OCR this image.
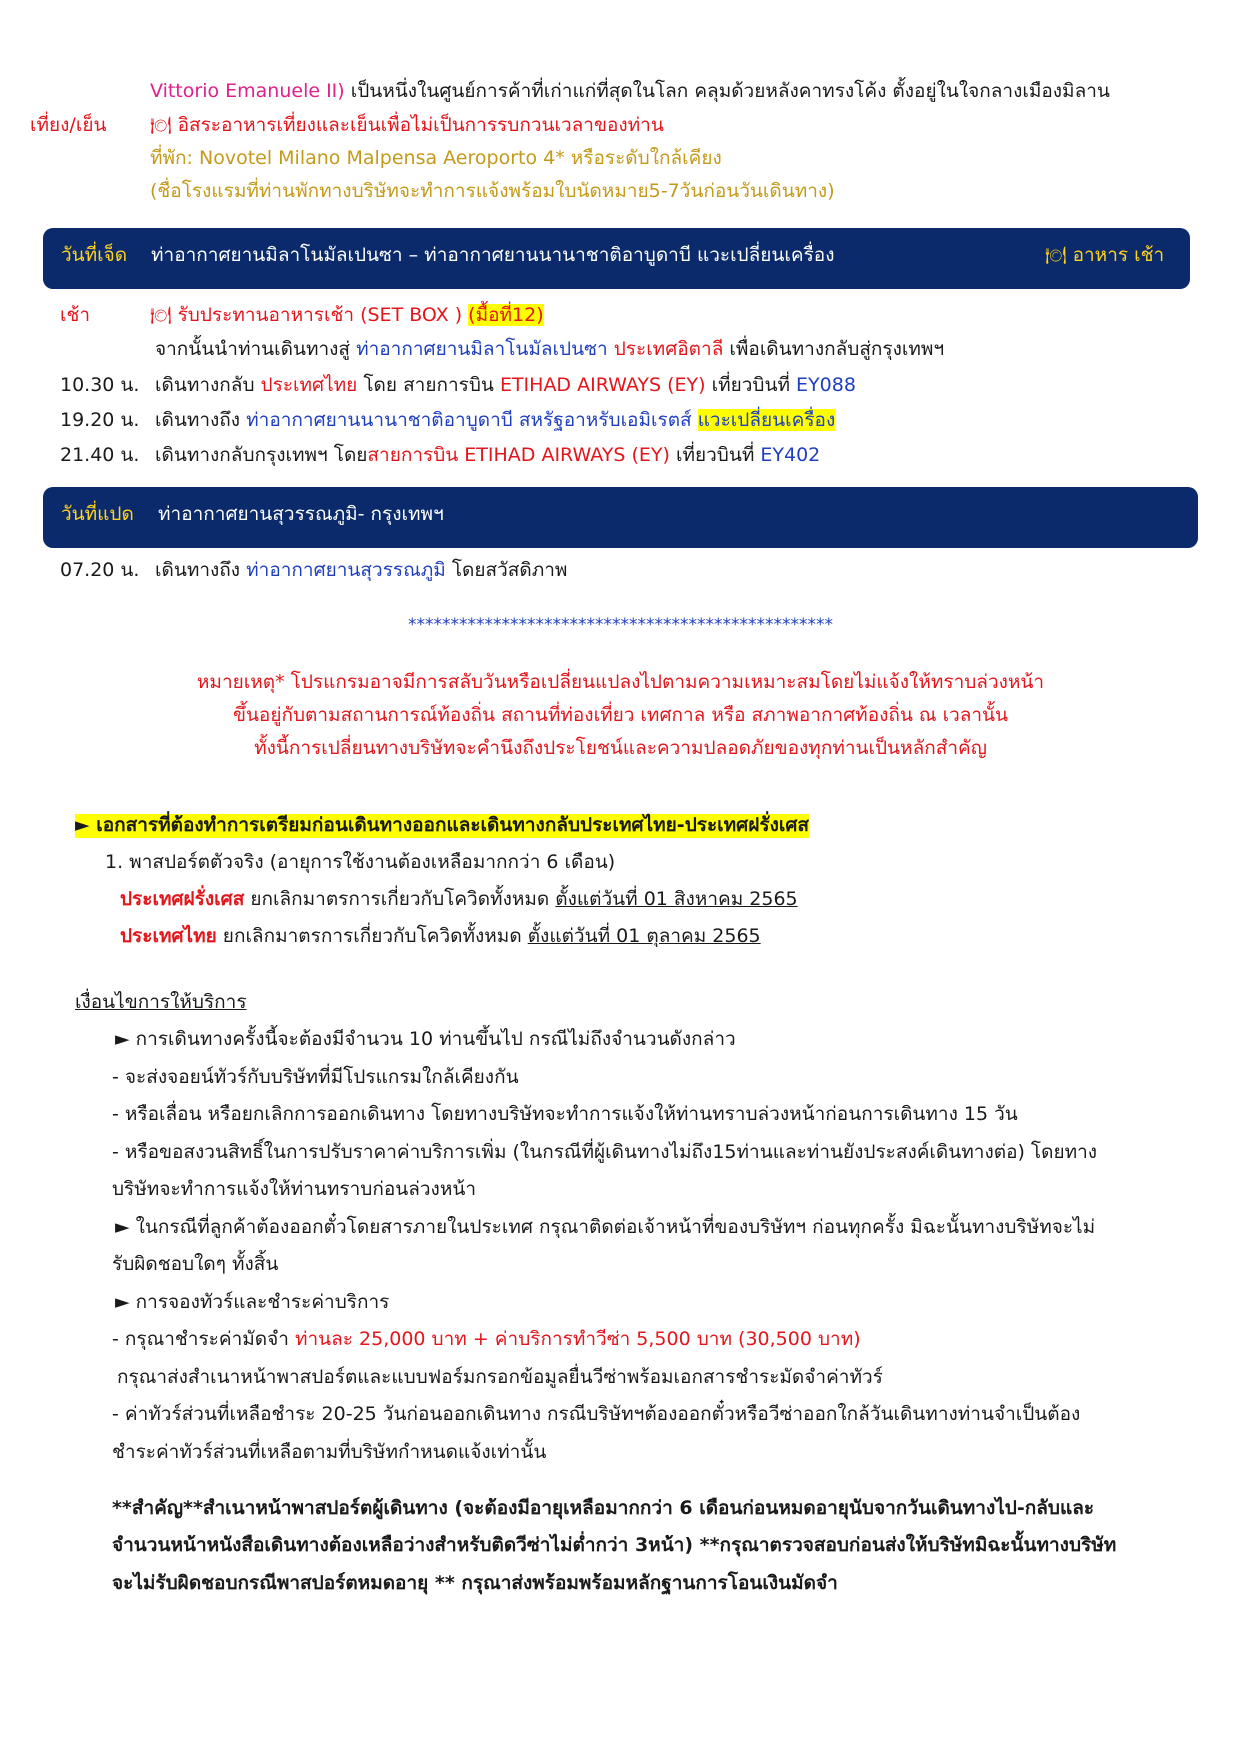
Vittorio Emanuele II) เป็นหนึ่งในศูนย์การค้าที่เก่าแก่ที่สุดในโลก คลุมด้วยหลังคาทรงโค้ง ตั้งอยู่ในใจกลางเมืองมิลาน
เที่ยง/เย็น	🍽 อิสระอาหารเที่ยงและเย็นเพื่อไม่เป็นการรบกวนเวลาของท่าน
ที่พัก: Novotel Milano Malpensa Aeroporto 4* หรือระดับใกล้เคียง
(ชื่อโรงแรมที่ท่านพักทางบริษัทจะทำการแจ้งพร้อมใบนัดหมาย5-7วันก่อนวันเดินทาง)
วันที่เจ็ด ท่าอากาศยานมิลาโนมัลเปนซา – ท่าอากาศยานนานาชาติอาบูดาบี แวะเปลี่ยนเครื่อง	🍽 อาหาร เช้า
เช้า	🍽 รับประทานอาหารเช้า (SET BOX ) (มื้อที่12)
จากนั้นนำท่านเดินทางสู่ ท่าอากาศยานมิลาโนมัลเปนซา ประเทศอิตาลี เพื่อเดินทางกลับสู่กรุงเทพฯ
10.30 น. เดินทางกลับ ประเทศไทย โดย สายการบิน ETIHAD AIRWAYS (EY) เที่ยวบินที่ EY088
19.20 น. เดินทางถึง ท่าอากาศยานนานาชาติอาบูดาบี สหรัฐอาหรับเอมิเรตส์ แวะเปลี่ยนเครื่อง
21.40 น. เดินทางกลับกรุงเทพฯ โดยสายการบิน ETIHAD AIRWAYS (EY) เที่ยวบินที่ EY402
วันที่แปด ท่าอากาศยานสุวรรณภูมิ- กรุงเทพฯ
07.20 น. เดินทางถึง ท่าอากาศยานสุวรรณภูมิ โดยสวัสดิภาพ
**************************************************
หมายเหตุ* โปรแกรมอาจมีการสลับวันหรือเปลี่ยนแปลงไปตามความเหมาะสมโดยไม่แจ้งให้ทราบล่วงหน้า
ขึ้นอยู่กับตามสถานการณ์ท้องถิ่น สถานที่ท่องเที่ยว เทศกาล หรือ สภาพอากาศท้องถิ่น ณ เวลานั้น
ทั้งนี้การเปลี่ยนทางบริษัทจะคำนึงถึงประโยชน์และความปลอดภัยของทุกท่านเป็นหลักสำคัญ
► เอกสารที่ต้องทำการเตรียมก่อนเดินทางออกและเดินทางกลับประเทศไทย-ประเทศฝรั่งเศส
1. พาสปอร์ตตัวจริง (อายุการใช้งานต้องเหลือมากกว่า 6 เดือน)
ประเทศฝรั่งเศส ยกเลิกมาตรการเกี่ยวกับโควิดทั้งหมด ตั้งแต่วันที่ 01 สิงหาคม 2565
ประเทศไทย ยกเลิกมาตรการเกี่ยวกับโควิดทั้งหมด ตั้งแต่วันที่ 01 ตุลาคม 2565
เงื่อนไขการให้บริการ
► การเดินทางครั้งนี้จะต้องมีจำนวน 10 ท่านขึ้นไป กรณีไม่ถึงจำนวนดังกล่าว
- จะส่งจอยน์ทัวร์กับบริษัทที่มีโปรแกรมใกล้เคียงกัน
- หรือเลื่อน หรือยกเลิกการออกเดินทาง โดยทางบริษัทจะทำการแจ้งให้ท่านทราบล่วงหน้าก่อนการเดินทาง 15 วัน
- หรือขอสงวนสิทธิ์ในการปรับราคาค่าบริการเพิ่ม (ในกรณีที่ผู้เดินทางไม่ถึง15ท่านและท่านยังประสงค์เดินทางต่อ) โดยทาง
บริษัทจะทำการแจ้งให้ท่านทราบก่อนล่วงหน้า
► ในกรณีที่ลูกค้าต้องออกตั๋วโดยสารภายในประเทศ กรุณาติดต่อเจ้าหน้าที่ของบริษัทฯ ก่อนทุกครั้ง มิฉะนั้นทางบริษัทจะไม่
รับผิดชอบใดๆ ทั้งสิ้น
► การจองทัวร์และชำระค่าบริการ
- กรุณาชำระค่ามัดจำ ท่านละ 25,000 บาท + ค่าบริการทำวีซ่า 5,500 บาท (30,500 บาท)
กรุณาส่งสำเนาหน้าพาสปอร์ตและแบบฟอร์มกรอกข้อมูลยื่นวีซ่าพร้อมเอกสารชำระมัดจำค่าทัวร์
- ค่าทัวร์ส่วนที่เหลือชำระ 20-25 วันก่อนออกเดินทาง กรณีบริษัทฯต้องออกตั๋วหรือวีซ่าออกใกล้วันเดินทางท่านจำเป็นต้อง
ชำระค่าทัวร์ส่วนที่เหลือตามที่บริษัทกำหนดแจ้งเท่านั้น
**สำคัญ**สำเนาหน้าพาสปอร์ตผู้เดินทาง (จะต้องมีอายุเหลือมากกว่า 6 เดือนก่อนหมดอายุนับจากวันเดินทางไป-กลับและ
จำนวนหน้าหนังสือเดินทางต้องเหลือว่างสำหรับติดวีซ่าไม่ต่ำกว่า 3หน้า) **กรุณาตรวจสอบก่อนส่งให้บริษัทมิฉะนั้นทางบริษัท
จะไม่รับผิดชอบกรณีพาสปอร์ตหมดอายุ ** กรุณาส่งพร้อมพร้อมหลักฐานการโอนเงินมัดจำ
